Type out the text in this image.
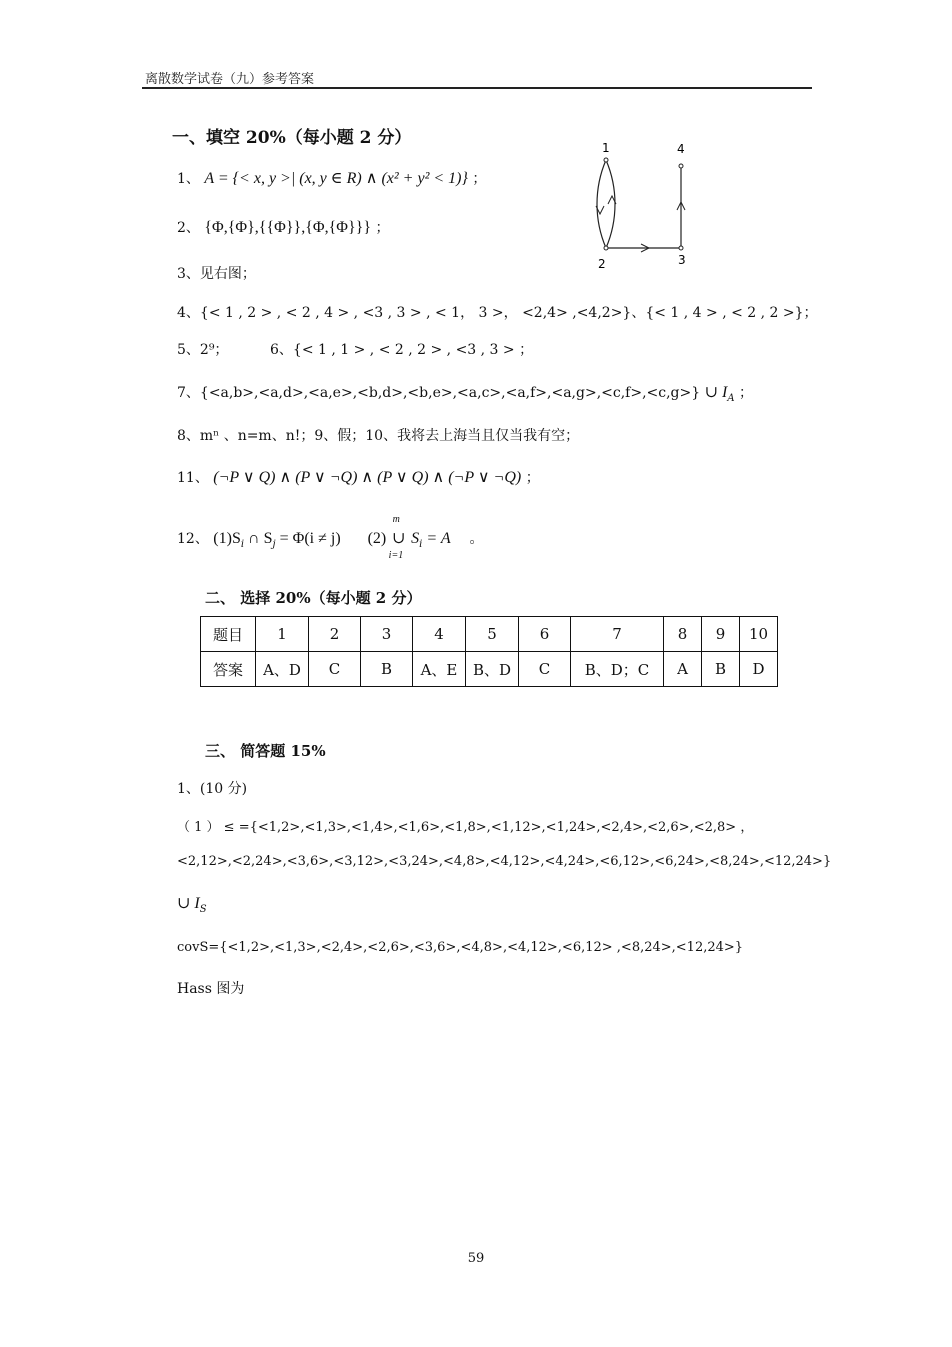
离散数学试卷（九）参考答案
一、填空 20%（每小题 2 分）
1、 A = {< x, y >| (x, y ∈ R) ∧ (x² + y² < 1)} ；
2、 {Φ,{Φ},{{Φ}},{Φ,{Φ}}} ；
3、见右图；
1	4
2	3
4、{< 1 , 2 > , < 2 , 4 > , <3 , 3 > , < 1， 3 >， <2,4> ,<4,2>}、{< 1 , 4 > , < 2 , 2 >}；
5、2⁹；	6、{< 1 , 1 > , < 2 , 2 > , <3 , 3 > ；
7、{<a,b>,<a,d>,<a,e>,<b,d>,<b,e>,<a,c>,<a,f>,<a,g>,<c,f>,<c,g>} ∪ $I_A$ ；
8、mⁿ 、n=m、n!；9、假；10、我将去上海当且仅当我有空；
11、 (¬P ∨ Q) ∧ (P ∨ ¬Q) ∧ (P ∨ Q) ∧ (¬P ∨ ¬Q) ；
12、 $(1)S_i$ ∩ $S_j = \Phi(i \ne j)$ (2)
m
∪
i=1
$S_i = A$ 。
二、 选择 20%（每小题 2 分）
题目	1	2	3	4	5	6	7	8	9	10
答案	A、D	C	B	A、E	B、D	C	B、D；C	A	B	D
三、 简答题 15%
1、(10 分)
（ 1 ） ≤ ={<1,2>,<1,3>,<1,4>,<1,6>,<1,8>,<1,12>,<1,24>,<2,4>,<2,6>,<2,8> ，
<2,12>,<2,24>,<3,6>,<3,12>,<3,24>,<4,8>,<4,12>,<4,24>,<6,12>,<6,24>,<8,24>,<12,24>}
∪ $I_S$
covS={<1,2>,<1,3>,<2,4>,<2,6>,<3,6>,<4,8>,<4,12>,<6,12> ,<8,24>,<12,24>}
Hass 图为
59
